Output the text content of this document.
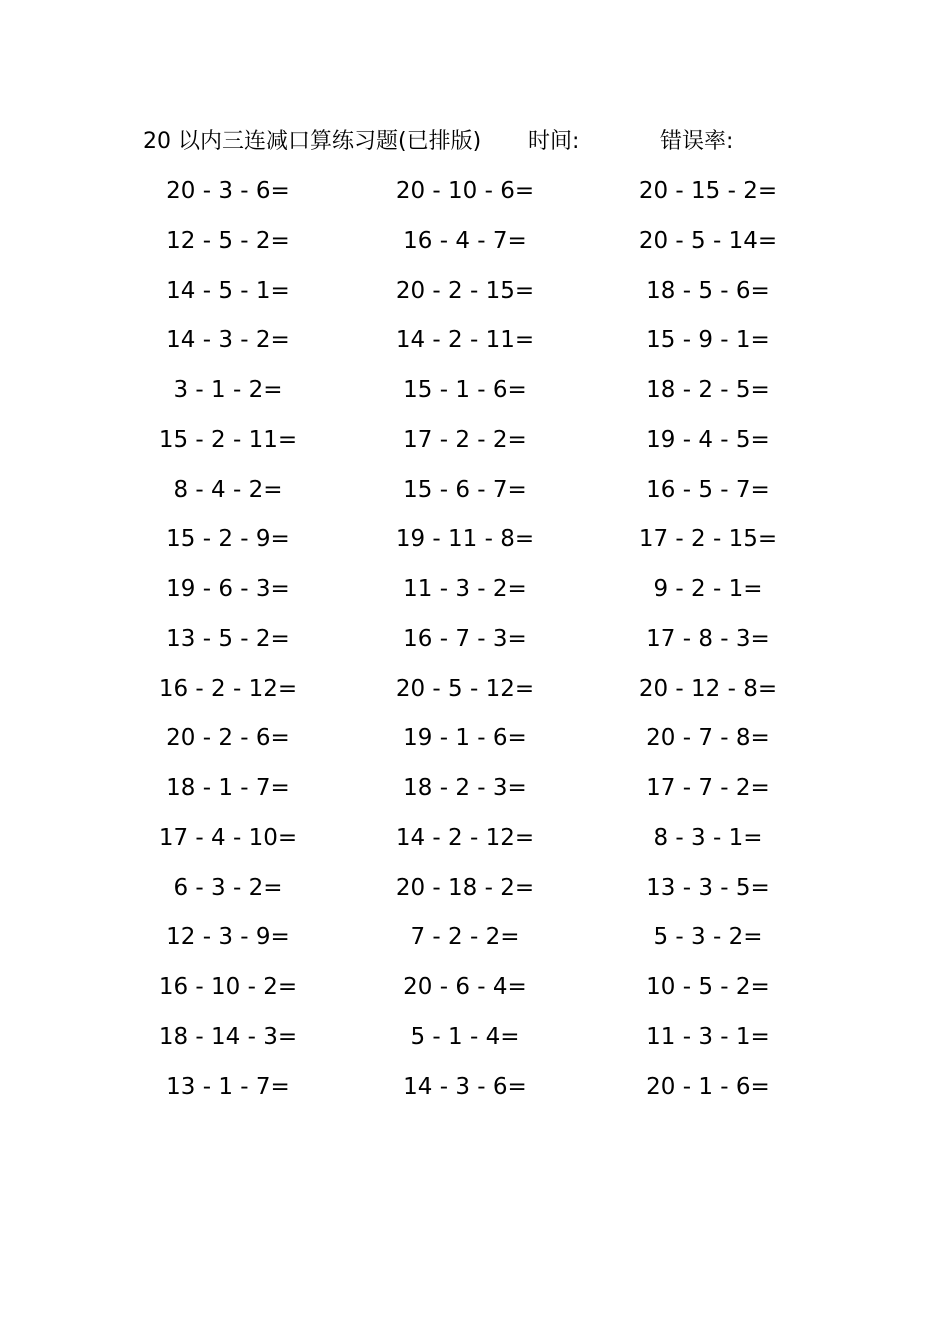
20 以内三连减口算练习题(已排版) 时间:	错误率:
20 - 3 - 6=	20 - 10 - 6=	20 - 15 - 2=
12 - 5 - 2=	16 - 4 - 7=	20 - 5 - 14=
14 - 5 - 1=	20 - 2 - 15=	18 - 5 - 6=
14 - 3 - 2=	14 - 2 - 11=	15 - 9 - 1=
3 - 1 - 2=	15 - 1 - 6=	18 - 2 - 5=
15 - 2 - 11=	17 - 2 - 2=	19 - 4 - 5=
8 - 4 - 2=	15 - 6 - 7=	16 - 5 - 7=
15 - 2 - 9=	19 - 11 - 8=	17 - 2 - 15=
19 - 6 - 3=	11 - 3 - 2=	9 - 2 - 1=
13 - 5 - 2=	16 - 7 - 3=	17 - 8 - 3=
16 - 2 - 12=	20 - 5 - 12=	20 - 12 - 8=
20 - 2 - 6=	19 - 1 - 6=	20 - 7 - 8=
18 - 1 - 7=	18 - 2 - 3=	17 - 7 - 2=
17 - 4 - 10=	14 - 2 - 12=	8 - 3 - 1=
6 - 3 - 2=	20 - 18 - 2=	13 - 3 - 5=
12 - 3 - 9=	7 - 2 - 2=	5 - 3 - 2=
16 - 10 - 2=	20 - 6 - 4=	10 - 5 - 2=
18 - 14 - 3=	5 - 1 - 4=	11 - 3 - 1=
13 - 1 - 7=	14 - 3 - 6=	20 - 1 - 6=
